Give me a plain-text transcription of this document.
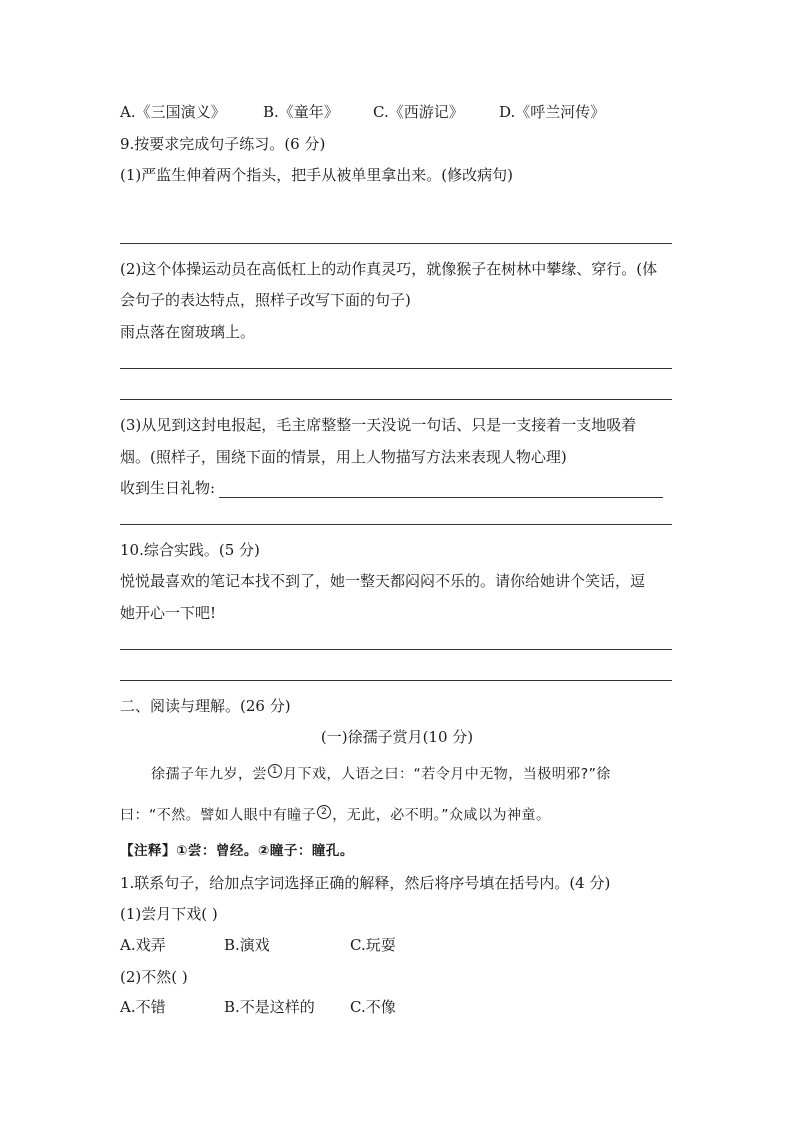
A.《三国演义》 B.《童年》 C.《西游记》 D.《呼兰河传》
9.按要求完成句子练习。(6 分)
(1)严监生伸着两个指头，把手从被单里拿出来。(修改病句)
(2)这个体操运动员在高低杠上的动作真灵巧，就像猴子在树林中攀缘、穿行。(体
会句子的表达特点，照样子改写下面的句子)
雨点落在窗玻璃上。
(3)从见到这封电报起，毛主席整整一天没说一句话、只是一支接着一支地吸着
烟。(照样子，围绕下面的情景，用上人物描写方法来表现人物心理)
收到生日礼物:
10.综合实践。(5 分)
悦悦最喜欢的笔记本找不到了，她一整天都闷闷不乐的。请你给她讲个笑话，逗
她开心一下吧!
二、阅读与理解。(26 分)
(一)徐孺子赏月(10 分)
徐孺子年九岁，尝 1 月下戏，人语之曰：“若令月中无物，当极明邪?”徐
曰：“不然。譬如人眼中有瞳子 2 ，无此，必不明。”众咸以为神童。
【注释】①尝：曾经。②瞳子：瞳孔。
1.联系句子，给加点字词选择正确的解释，然后将序号填在括号内。(4 分)
(1)尝月下戏( )
A.戏弄	B.演戏	C.玩耍
(2)不然( )
A.不错	B.不是这样的 C.不像
